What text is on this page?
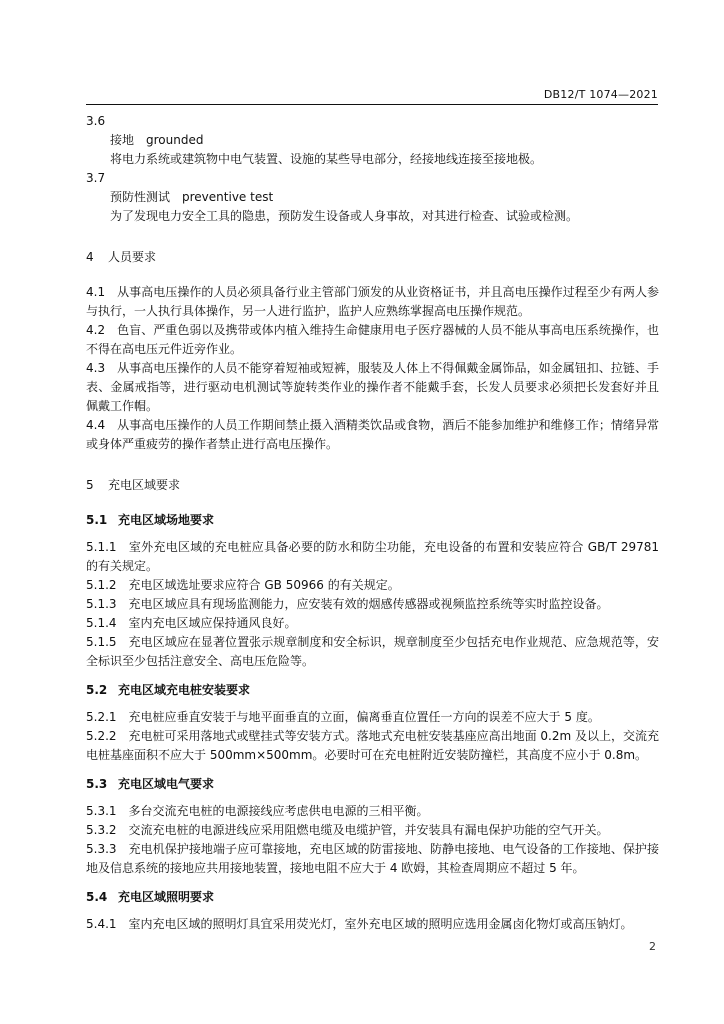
DB12/T 1074—2021
3.6
接地 grounded
将电力系统或建筑物中电气装置、设施的某些导电部分，经接地线连接至接地极。
3.7
预防性测试 preventive test
为了发现电力安全工具的隐患，预防发生设备或人身事故，对其进行检查、试验或检测。
4 人员要求
4.1 从事高电压操作的人员必须具备行业主管部门颁发的从业资格证书，并且高电压操作过程至少有两人参与执行，一人执行具体操作，另一人进行监护，监护人应熟练掌握高电压操作规范。
4.2 色盲、严重色弱以及携带或体内植入维持生命健康用电子医疗器械的人员不能从事高电压系统操作，也不得在高电压元件近旁作业。
4.3 从事高电压操作的人员不能穿着短袖或短裤，服装及人体上不得佩戴金属饰品，如金属钮扣、拉链、手表、金属戒指等，进行驱动电机测试等旋转类作业的操作者不能戴手套，长发人员要求必须把长发套好并且佩戴工作帽。
4.4 从事高电压操作的人员工作期间禁止摄入酒精类饮品或食物，酒后不能参加维护和维修工作；情绪异常或身体严重疲劳的操作者禁止进行高电压操作。
5 充电区域要求
5.1 充电区域场地要求
5.1.1 室外充电区域的充电桩应具备必要的防水和防尘功能，充电设备的布置和安装应符合 GB/T 29781 的有关规定。
5.1.2 充电区域选址要求应符合 GB 50966 的有关规定。
5.1.3 充电区域应具有现场监测能力，应安装有效的烟感传感器或视频监控系统等实时监控设备。
5.1.4 室内充电区域应保持通风良好。
5.1.5 充电区域应在显著位置张示规章制度和安全标识，规章制度至少包括充电作业规范、应急规范等，安全标识至少包括注意安全、高电压危险等。
5.2 充电区域充电桩安装要求
5.2.1 充电桩应垂直安装于与地平面垂直的立面，偏离垂直位置任一方向的误差不应大于 5 度。
5.2.2 充电桩可采用落地式或壁挂式等安装方式。落地式充电桩安装基座应高出地面 0.2m 及以上，交流充电桩基座面积不应大于 500mm×500mm。必要时可在充电桩附近安装防撞栏，其高度不应小于 0.8m。
5.3 充电区域电气要求
5.3.1 多台交流充电桩的电源接线应考虑供电电源的三相平衡。
5.3.2 交流充电桩的电源进线应采用阻燃电缆及电缆护管，并安装具有漏电保护功能的空气开关。
5.3.3 充电机保护接地端子应可靠接地，充电区域的防雷接地、防静电接地、电气设备的工作接地、保护接地及信息系统的接地应共用接地装置，接地电阻不应大于 4 欧姆，其检查周期应不超过 5 年。
5.4 充电区域照明要求
5.4.1 室内充电区域的照明灯具宜采用荧光灯，室外充电区域的照明应选用金属卤化物灯或高压钠灯。
2
